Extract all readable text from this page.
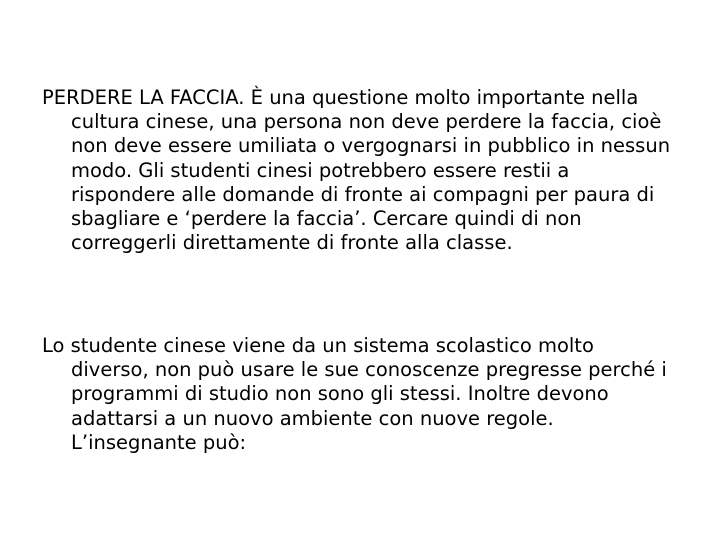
PERDERE LA FACCIA. È una questione molto importante nella cultura cinese, una persona non deve perdere la faccia, cioè non deve essere umiliata o vergognarsi in pubblico in nessun modo. Gli studenti cinesi potrebbero essere restii a rispondere alle domande di fronte ai compagni per paura di sbagliare e ‘perdere la faccia’. Cercare quindi di non correggerli direttamente di fronte alla classe.

Lo studente cinese viene da un sistema scolastico molto diverso, non può usare le sue conoscenze pregresse perché i programmi di studio non sono gli stessi. Inoltre devono adattarsi a un nuovo ambiente con nuove regole. L’insegnante può:
